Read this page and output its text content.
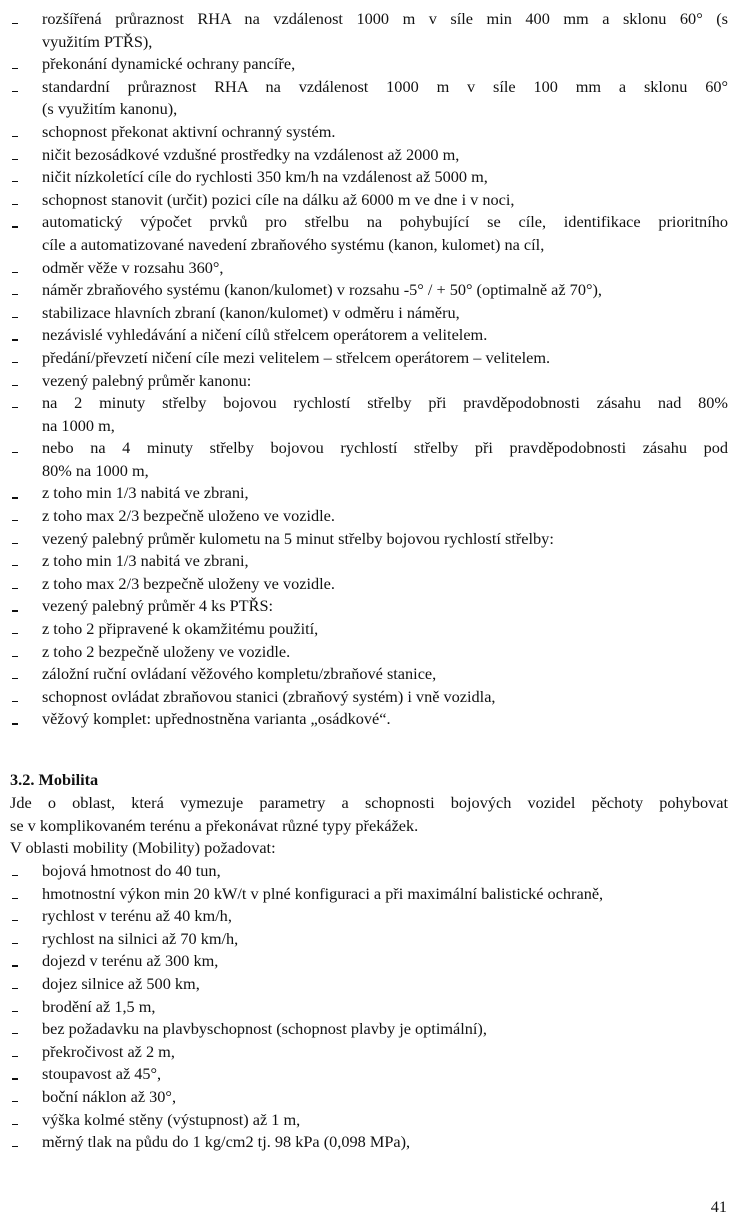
rozšířená průraznost RHA na vzdálenost 1000 m v síle min 400 mm a sklonu 60° (s
využitím PTŘS),
překonání dynamické ochrany pancíře,
standardní průraznost RHA na vzdálenost 1000 m v síle 100 mm a sklonu 60°
(s využitím kanonu),
schopnost překonat aktivní ochranný systém.
ničit bezosádkové vzdušné prostředky na vzdálenost až 2000 m,
ničit nízkoletící cíle do rychlosti 350 km/h na vzdálenost až 5000 m,
schopnost stanovit (určit) pozici cíle na dálku až 6000 m ve dne i v noci,
automatický výpočet prvků pro střelbu na pohybující se cíle, identifikace prioritního
cíle a automatizované navedení zbraňového systému (kanon, kulomet) na cíl,
odměr věže v rozsahu 360°,
náměr zbraňového systému (kanon/kulomet) v rozsahu -5° / + 50° (optimalně až 70°),
stabilizace hlavních zbraní (kanon/kulomet) v odměru i náměru,
nezávislé vyhledávání a ničení cílů střelcem operátorem a velitelem.
předání/převzetí ničení cíle mezi velitelem – střelcem operátorem – velitelem.
vezený palebný průměr kanonu:
na 2 minuty střelby bojovou rychlostí střelby při pravděpodobnosti zásahu nad 80%
na 1000 m,
nebo na 4 minuty střelby bojovou rychlostí střelby při pravděpodobnosti zásahu pod
80% na 1000 m,
z toho min 1/3 nabitá ve zbrani,
z toho max 2/3 bezpečně uloženo ve vozidle.
vezený palebný průměr kulometu na 5 minut střelby bojovou rychlostí střelby:
z toho min 1/3 nabitá ve zbrani,
z toho max 2/3 bezpečně uloženy ve vozidle.
vezený palebný průměr 4 ks PTŘS:
z toho 2 připravené k okamžitému použití,
z toho 2 bezpečně uloženy ve vozidle.
záložní ruční ovládaní věžového kompletu/zbraňové stanice,
schopnost ovládat zbraňovou stanici (zbraňový systém) i vně vozidla,
věžový komplet: upřednostněna varianta „osádkové“.
3.2. Mobilita

Jde o oblast, která vymezuje parametry a schopnosti bojových vozidel pěchoty pohybovat
se v komplikovaném terénu a překonávat různé typy překážek.

V oblasti mobility (Mobility) požadovat:

bojová hmotnost do 40 tun,
hmotnostní výkon min 20 kW/t v plné konfiguraci a při maximální balistické ochraně,
rychlost v terénu až 40 km/h,
rychlost na silnici až 70 km/h,
dojezd v terénu až 300 km,
dojez silnice až 500 km,
brodění až 1,5 m,
bez požadavku na plavbyschopnost (schopnost plavby je optimální),
překročivost až 2 m,
stoupavost až 45°,
boční náklon až 30°,
výška kolmé stěny (výstupnost) až 1 m,
měrný tlak na půdu do 1 kg/cm2 tj. 98 kPa (0,098 MPa),
41
